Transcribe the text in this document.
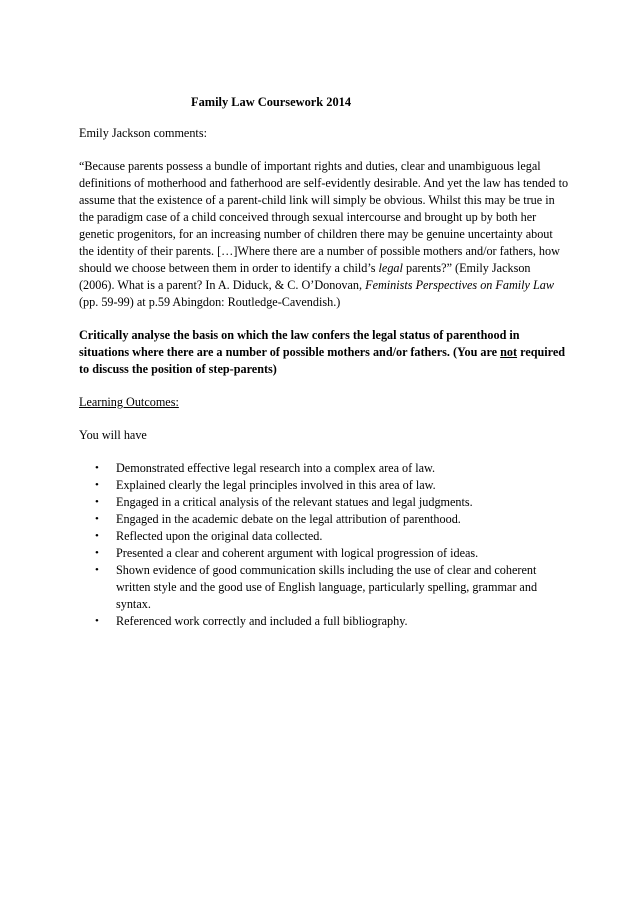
Family Law Coursework 2014

Emily Jackson comments:

“Because parents possess a bundle of important rights and duties, clear and unambiguous legal definitions of motherhood and fatherhood are self-evidently desirable. And yet the law has tended to assume that the existence of a parent-child link will simply be obvious. Whilst this may be true in the paradigm case of a child conceived through sexual intercourse and brought up by both her genetic progenitors, for an increasing number of children there may be genuine uncertainty about the identity of their parents. […]Where there are a number of possible mothers and/or fathers, how should we choose between them in order to identify a child’s legal parents?” (Emily Jackson (2006). What is a parent? In A. Diduck, & C. O’Donovan, Feminists Perspectives on Family Law (pp. 59-99) at p.59 Abingdon: Routledge-Cavendish.)

Critically analyse the basis on which the law confers the legal status of parenthood in situations where there are a number of possible mothers and/or fathers. (You are not required to discuss the position of step-parents)

Learning Outcomes:

You will have

• Demonstrated effective legal research into a complex area of law.
• Explained clearly the legal principles involved in this area of law.
• Engaged in a critical analysis of the relevant statues and legal judgments.
• Engaged in the academic debate on the legal attribution of parenthood.
• Reflected upon the original data collected.
• Presented a clear and coherent argument with logical progression of ideas.
• Shown evidence of good communication skills including the use of clear and coherent written style and the good use of English language, particularly spelling, grammar and syntax.
• Referenced work correctly and included a full bibliography.
